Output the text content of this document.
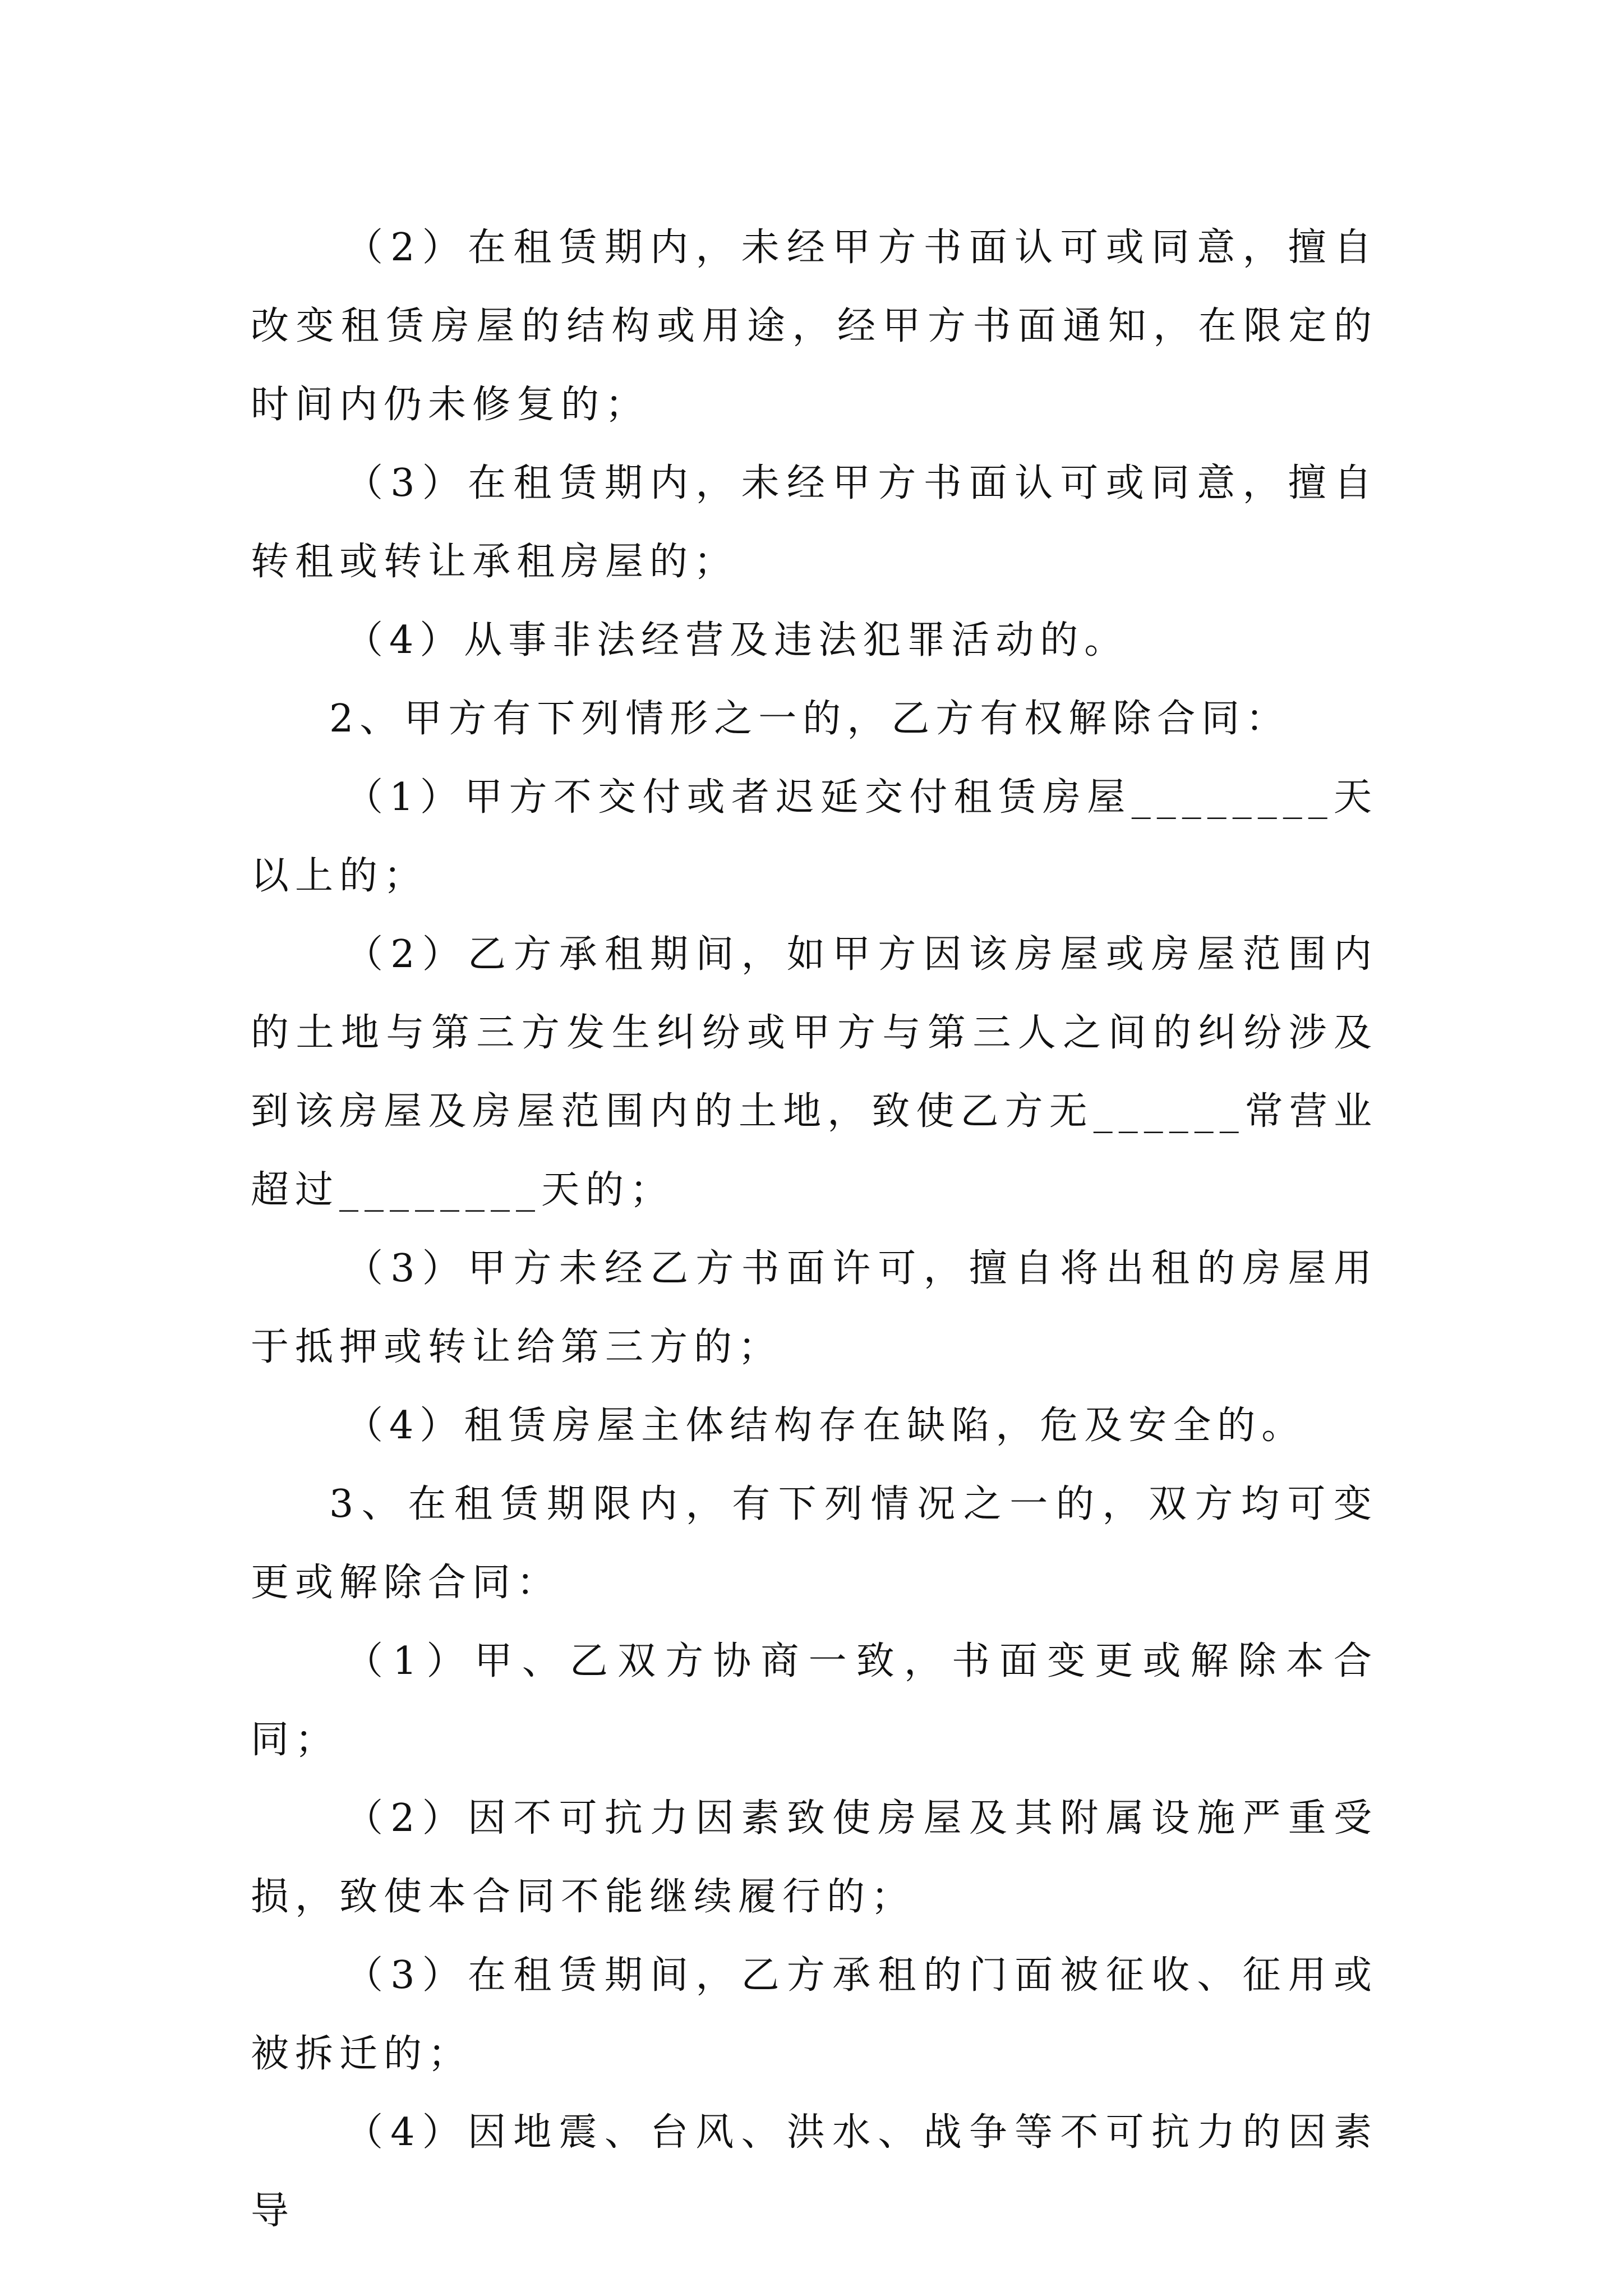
（2）在租赁期内，未经甲方书面认可或同意，擅自改变租赁房屋的结构或用途，经甲方书面通知，在限定的时间内仍未修复的；

（3）在租赁期内，未经甲方书面认可或同意，擅自转租或转让承租房屋的；

（4）从事非法经营及违法犯罪活动的。

2、甲方有下列情形之一的，乙方有权解除合同：

（1）甲方不交付或者迟延交付租赁房屋________天以上的；

（2）乙方承租期间，如甲方因该房屋或房屋范围内的土地与第三方发生纠纷或甲方与第三人之间的纠纷涉及到该房屋及房屋范围内的土地，致使乙方无______常营业超过________天的；

（3）甲方未经乙方书面许可，擅自将出租的房屋用于抵押或转让给第三方的；

（4）租赁房屋主体结构存在缺陷，危及安全的。

3、在租赁期限内，有下列情况之一的，双方均可变更或解除合同：

（1）甲、乙双方协商一致，书面变更或解除本合同；

（2）因不可抗力因素致使房屋及其附属设施严重受损，致使本合同不能继续履行的；

（3）在租赁期间，乙方承租的门面被征收、征用或被拆迁的；

（4）因地震、台风、洪水、战争等不可抗力的因素导
